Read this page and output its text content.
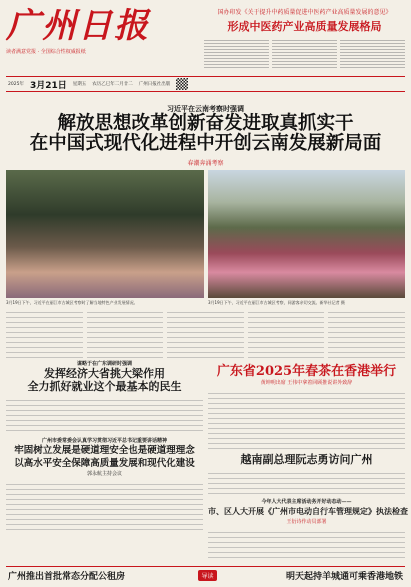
广州日报
读者满意党报 · 全国综合性权威报纸
国办印发《关于提升中药质量促进中医药产业高质量发展的意见》
形成中医药产业高质量发展格局
2025年 3月21日 星期五 农历乙巳年二月廿二 广州日报社出版
习近平在云南考察时强调
解放思想改革创新奋发进取真抓实干
在中国式现代化进程中开创云南发展新局面
春潮奔涌考察
3月19日下午，习近平在丽江市古城区考察时了解当地特色产业发展情况。	3月19日下午，习近平在丽江市古城区考察，同游客亲切交流。新华社记者 摄
谋略于在广东调研时强调
发挥经济大省挑大梁作用
全力抓好就业这个最基本的民生
广州市委常委会认真学习贯彻习近平总书记重要讲话精神
牢固树立发展是硬道理安全也是硬道理理念
以高水平安全保障高质量发展和现代化建设
郭永航主持会议
广东省2025年春茶在香港举行
黄坤明出席 王伟中拿着回顾推说讲外致辞
越南副总理阮志勇访问广州
今年人大代表主席活动务开好动态动——
市、区人大开展《广州市电动自行车管理规定》执法检查
王衍诗作动员部署
广州推出首批常态分配公租房	导读	明天起持羊城通可乘香港地铁
